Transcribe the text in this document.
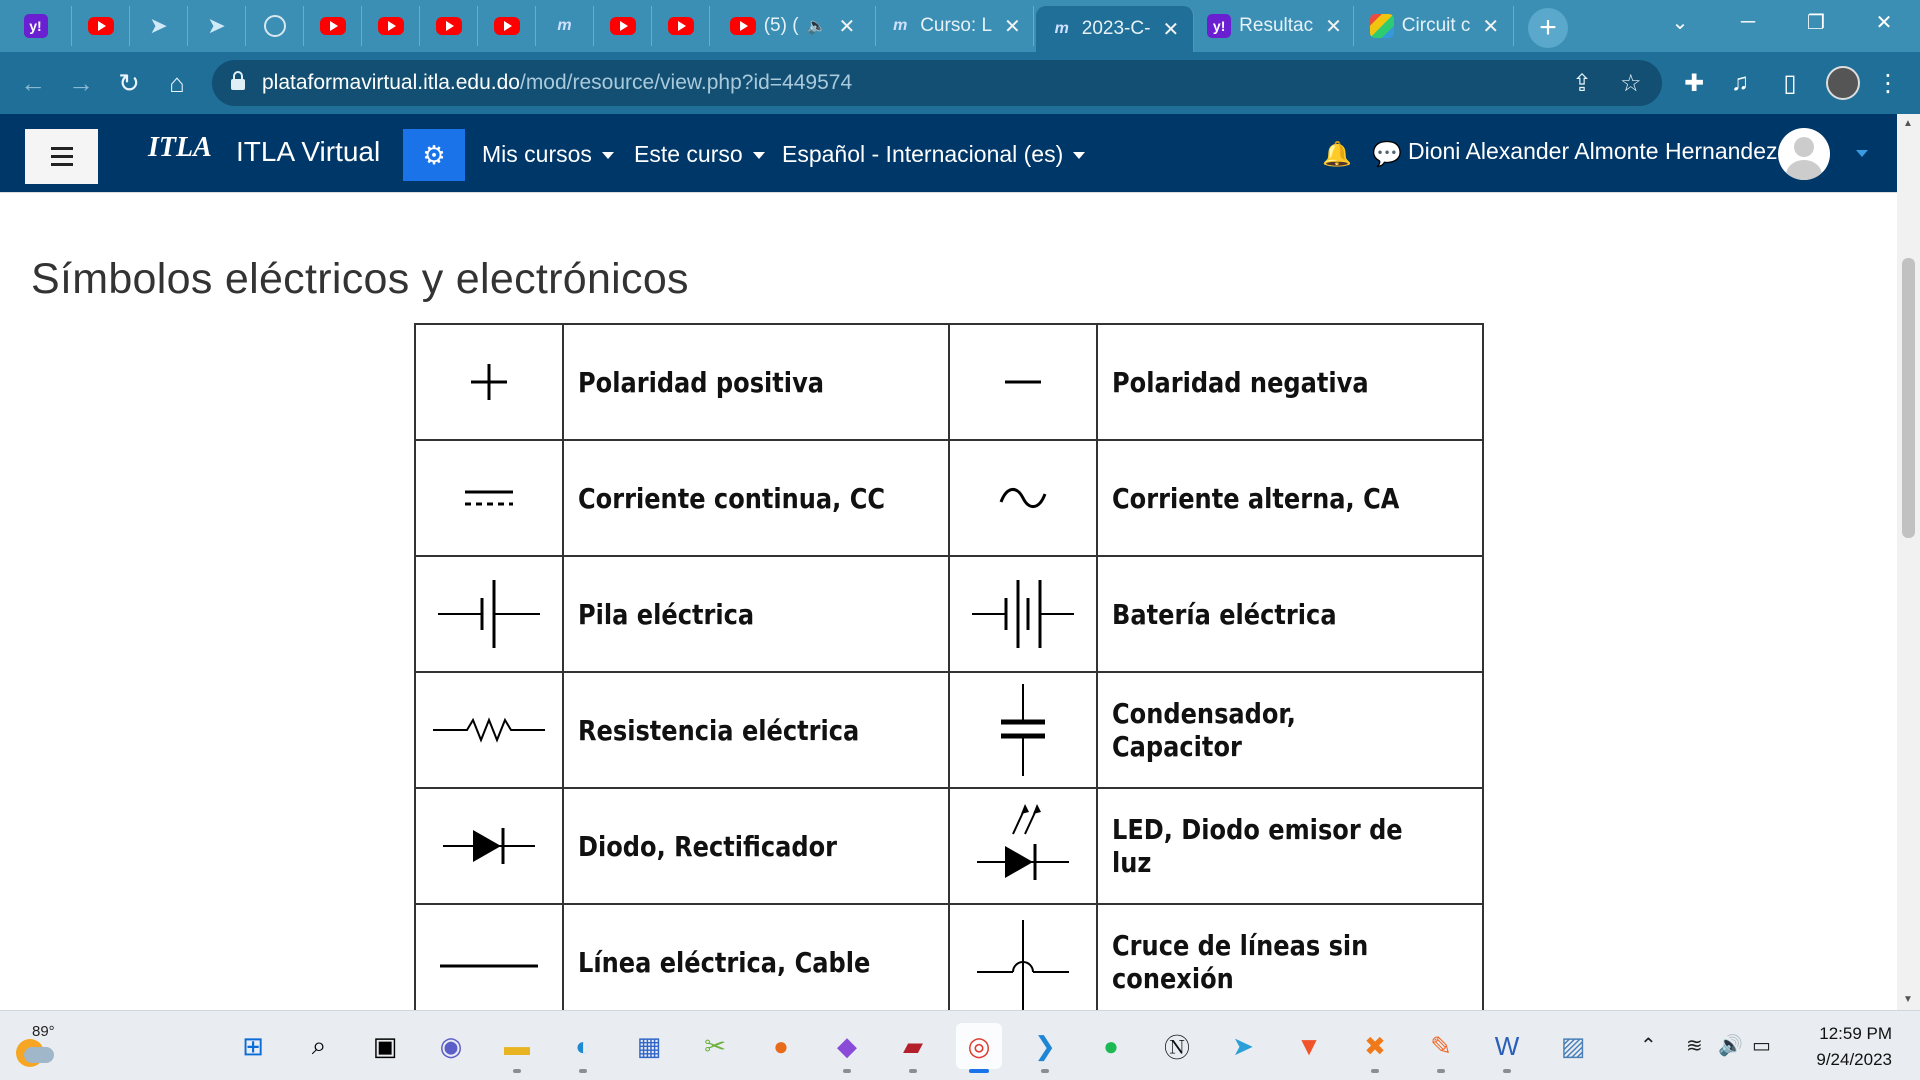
y!	➤ ➤	m	(5) ( 🔈 ✕	m Curso: L ✕	m 2023-C- ✕	y! Resultac ✕	Circuit c ✕	+	⌄	─	❐	✕
← → ↻	⌂	plataformavirtual.itla.edu.do/mod/resource/view.php?id=449574	⇪ ☆	✚	♫	▯	⋮
ITLA ITLA Virtual	⚙	Mis cursos	Este curso	Español - Internacional (es)	🔔 💬 Dioni Alexander Almonte Hernandez
Símbolos eléctricos y electrónicos
	Polaridad positiva		Polaridad negativa

	Corriente continua, CC		Corriente alterna, CA

	Pila eléctrica		Batería eléctrica

	Resistencia eléctrica		Condensador, Capacitor

	Diodo, Rectificador		LED, Diodo emisor de luz

	Línea eléctrica, Cable		Cruce de líneas sin conexión
▲
▼
89°	⊞	⌕	▣	◉	▬	◐	▦	✂	●	◆	▰	◎	❯	●	Ⓝ	➤	▼	✖	✎	W	▨	⌃ ≋ 🔊 ▭
12:59 PM
9/24/2023
